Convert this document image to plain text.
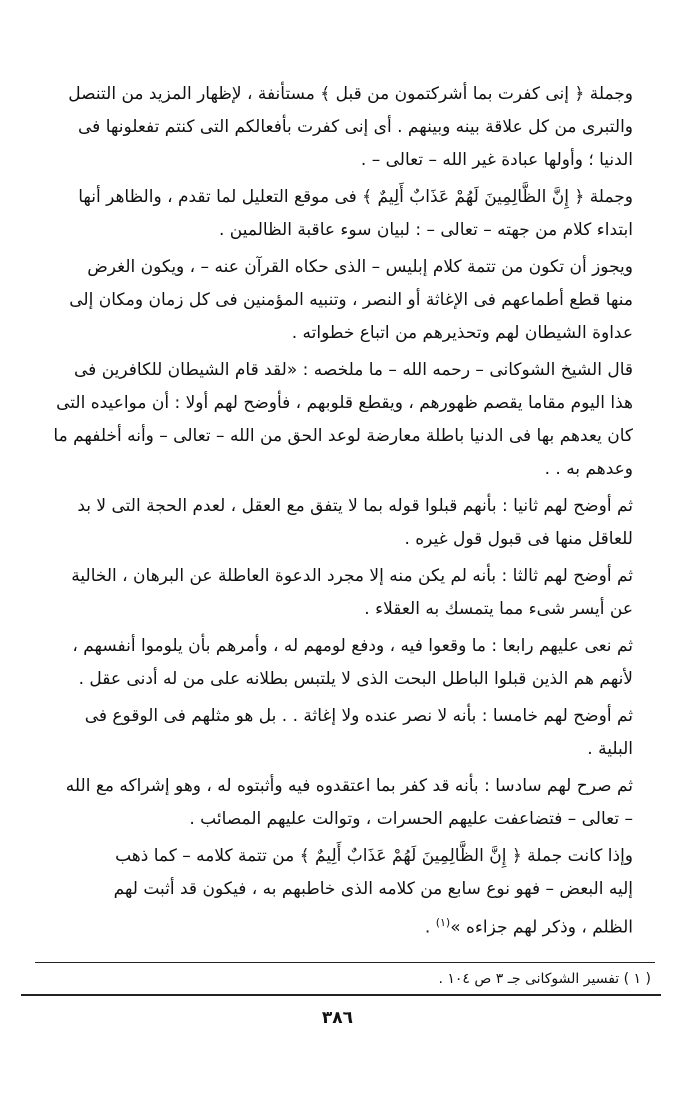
وجملة ﴿ إنى كفرت بما أشركتمون من قبل ﴾ مستأنفة ، لإظهار المزيد من التنصل
والتبرى من كل علاقة بينه وبينهم . أى إنى كفرت بأفعالكم التى كنتم تفعلونها فى
الدنيا ؛ وأولها عبادة غير الله – تعالى – .

وجملة ﴿ إِنَّ الظَّالِمِينَ لَهُمْ عَذَابٌ أَلِيمٌ ﴾ فى موقع التعليل لما تقدم ، والظاهر أنها
ابتداء كلام من جهته – تعالى – : لبيان سوء عاقبة الظالمين .

ويجوز أن تكون من تتمة كلام إبليس – الذى حكاه القرآن عنه – ، ويكون الغرض
منها قطع أطماعهم فى الإغاثة أو النصر ، وتنبيه المؤمنين فى كل زمان ومكان إلى
عداوة الشيطان لهم وتحذيرهم من اتباع خطواته .

قال الشيخ الشوكانى – رحمه الله – ما ملخصه : «لقد قام الشيطان للكافرين فى
هذا اليوم مقاما يقصم ظهورهم ، ويقطع قلوبهم ، فأوضح لهم أولا : أن مواعيده التى
كان يعدهم بها فى الدنيا باطلة معارضة لوعد الحق من الله – تعالى – وأنه أخلفهم ما
وعدهم به . .

ثم أوضح لهم ثانيا : بأنهم قبلوا قوله بما لا يتفق مع العقل ، لعدم الحجة التى لا بد
للعاقل منها فى قبول قول غيره .

ثم أوضح لهم ثالثا : بأنه لم يكن منه إلا مجرد الدعوة العاطلة عن البرهان ، الخالية
عن أيسر شىء مما يتمسك به العقلاء .

ثم نعى عليهم رابعا : ما وقعوا فيه ، ودفع لومهم له ، وأمرهم بأن يلوموا أنفسهم ،
لأنهم هم الذين قبلوا الباطل البحت الذى لا يلتبس بطلانه على من له أدنى عقل .

ثم أوضح لهم خامسا : بأنه لا نصر عنده ولا إغاثة . . بل هو مثلهم فى الوقوع فى
البلية .

ثم صرح لهم سادسا : بأنه قد كفر بما اعتقدوه فيه وأثبتوه له ، وهو إشراكه مع الله
– تعالى – فتضاعفت عليهم الحسرات ، وتوالت عليهم المصائب .

وإذا كانت جملة ﴿ إِنَّ الظَّالِمِينَ لَهُمْ عَذَابٌ أَلِيمٌ ﴾ من تتمة كلامه – كما ذهب
إليه البعض – فهو نوع سابع من كلامه الذى خاطبهم به ، فيكون قد أثبت لهم
الظلم ، وذكر لهم جزاءه »$^{(١)}$ .

( ١ ) تفسير الشوكانى جـ ٣ ص ١٠٤ .
٣٨٦
